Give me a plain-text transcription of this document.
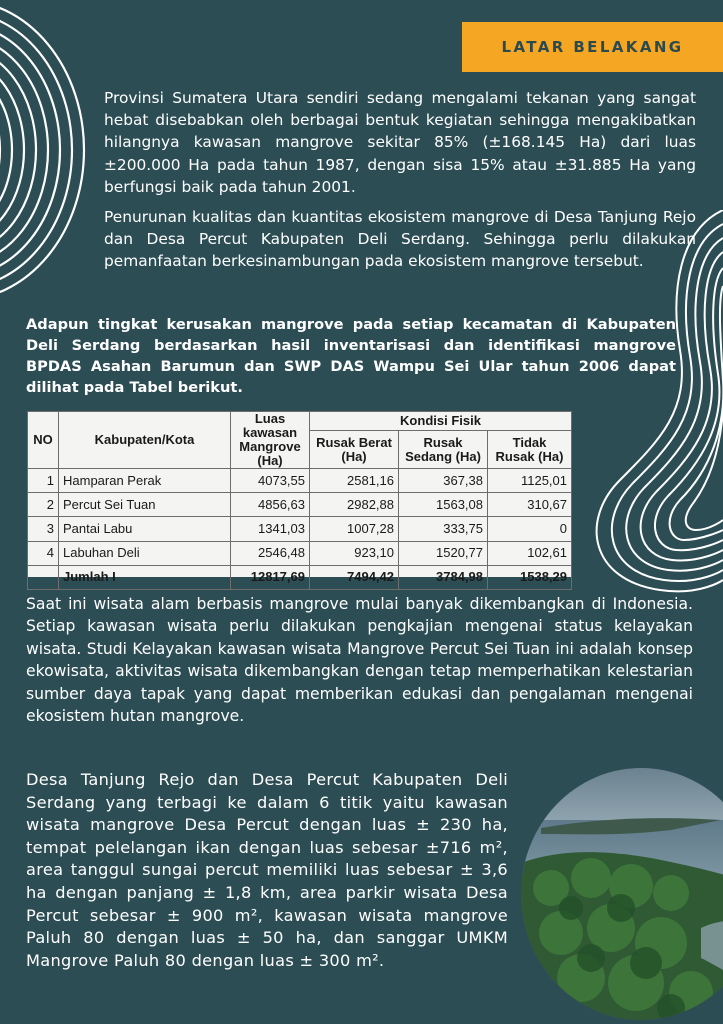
LATAR BELAKANG

Provinsi Sumatera Utara sendiri sedang mengalami tekanan yang sangat hebat disebabkan oleh berbagai bentuk kegiatan sehingga mengakibatkan hilangnya kawasan mangrove sekitar 85% (±168.145 Ha) dari luas ±200.000 Ha pada tahun 1987, dengan sisa 15% atau ±31.885 Ha yang berfungsi baik pada tahun 2001.

Penurunan kualitas dan kuantitas ekosistem mangrove di Desa Tanjung Rejo dan Desa Percut Kabupaten Deli Serdang. Sehingga perlu dilakukan pemanfaatan berkesinambungan pada ekosistem mangrove tersebut.

Adapun tingkat kerusakan mangrove pada setiap kecamatan di Kabupaten Deli Serdang berdasarkan hasil inventarisasi dan identifikasi mangrove BPDAS Asahan Barumun dan SWP DAS Wampu Sei Ular tahun 2006 dapat dilihat pada Tabel berikut.

NO	Kabupaten/Kota	Luas kawasan Mangrove (Ha)	Kondisi Fisik		
			Rusak Berat (Ha)	Rusak Sedang (Ha)	Tidak Rusak (Ha)
1	Hamparan Perak	4073,55	2581,16	367,38	1125,01
2	Percut Sei Tuan	4856,63	2982,88	1563,08	310,67
3	Pantai Labu	1341,03	1007,28	333,75	0
4	Labuhan Deli	2546,48	923,10	1520,77	102,61
	Jumlah I	12817,69	7494,42	3784,98	1538,29

Saat ini wisata alam berbasis mangrove mulai banyak dikembangkan di Indonesia. Setiap kawasan wisata perlu dilakukan pengkajian mengenai status kelayakan wisata. Studi Kelayakan kawasan wisata Mangrove Percut Sei Tuan ini adalah konsep ekowisata, aktivitas wisata dikembangkan dengan tetap memperhatikan kelestarian sumber daya tapak yang dapat memberikan edukasi dan pengalaman mengenai ekosistem hutan mangrove.

Desa Tanjung Rejo dan Desa Percut Kabupaten Deli Serdang yang terbagi ke dalam 6 titik yaitu kawasan wisata mangrove Desa Percut dengan luas ± 230 ha, tempat pelelangan ikan dengan luas sebesar ±716 m², area tanggul sungai percut memiliki luas sebesar ± 3,6 ha dengan panjang ± 1,8 km, area parkir wisata Desa Percut sebesar ± 900 m², kawasan wisata mangrove Paluh 80 dengan luas ± 50 ha, dan sanggar UMKM Mangrove Paluh 80 dengan luas ± 300 m².
